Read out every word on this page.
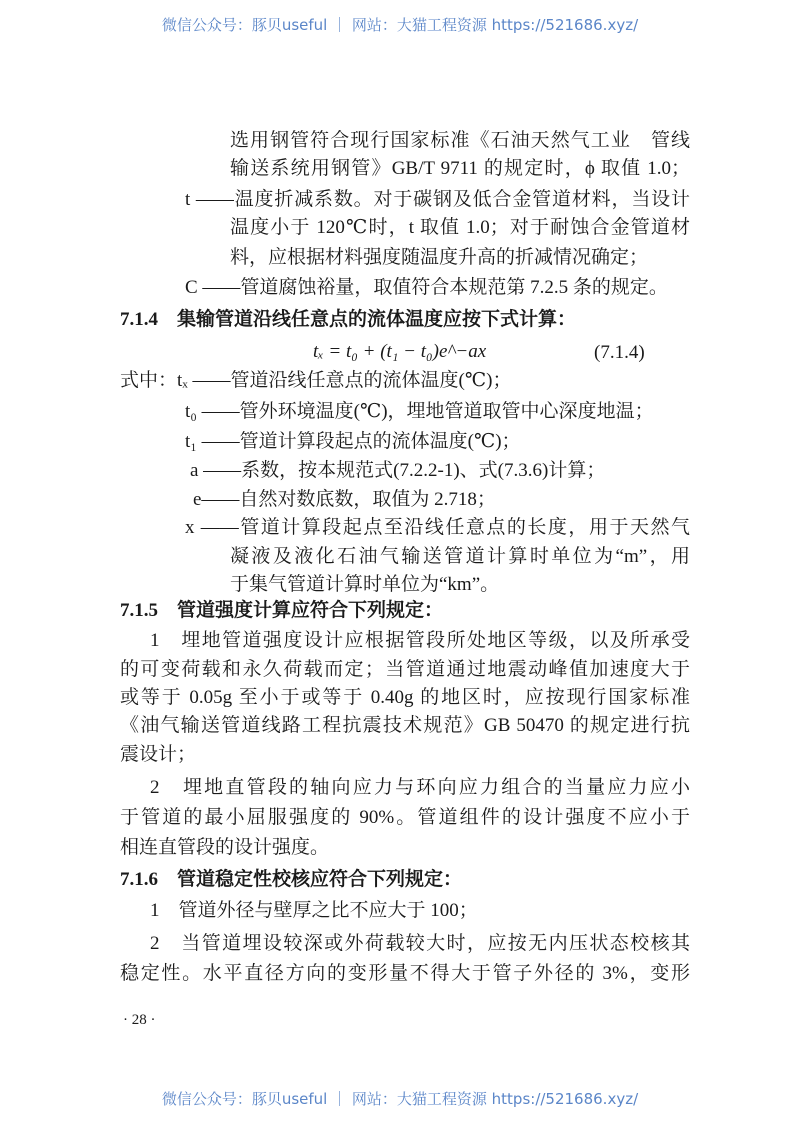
微信公众号：豚贝useful ｜ 网站：大猫工程资源 https://521686.xyz/
选用钢管符合现行国家标准《石油天然气工业　管线
输送系统用钢管》GB/T 9711 的规定时，ϕ 取值 1.0；
t ——温度折减系数。对于碳钢及低合金管道材料，当设计
温度小于 120℃时，t 取值 1.0；对于耐蚀合金管道材
料，应根据材料强度随温度升高的折减情况确定；
C ——管道腐蚀裕量，取值符合本规范第 7.2.5 条的规定。
7.1.4　集输管道沿线任意点的流体温度应按下式计算：
式中：tₓ ——管道沿线任意点的流体温度(℃)；
t₀ ——管外环境温度(℃)，埋地管道取管中心深度地温；
t₁ ——管道计算段起点的流体温度(℃)；
a ——系数，按本规范式(7.2.2-1)、式(7.3.6)计算；
e——自然对数底数，取值为 2.718；
x ——管道计算段起点至沿线任意点的长度，用于天然气
凝液及液化石油气输送管道计算时单位为“m”，用
于集气管道计算时单位为“km”。
7.1.5　管道强度计算应符合下列规定：
1　埋地管道强度设计应根据管段所处地区等级，以及所承受
的可变荷载和永久荷载而定；当管道通过地震动峰值加速度大于
或等于 0.05g 至小于或等于 0.40g 的地区时，应按现行国家标准
《油气输送管道线路工程抗震技术规范》GB 50470 的规定进行抗
震设计；
2　埋地直管段的轴向应力与环向应力组合的当量应力应小
于管道的最小屈服强度的 90%。管道组件的设计强度不应小于
相连直管段的设计强度。
7.1.6　管道稳定性校核应符合下列规定：
1　管道外径与壁厚之比不应大于 100；
2　当管道埋设较深或外荷载较大时，应按无内压状态校核其
稳定性。水平直径方向的变形量不得大于管子外径的 3%，变形
tₓ = t₀ + (t₁ − t₀)e^−ax	(7.1.4)
· 28 ·
微信公众号：豚贝useful ｜ 网站：大猫工程资源 https://521686.xyz/
